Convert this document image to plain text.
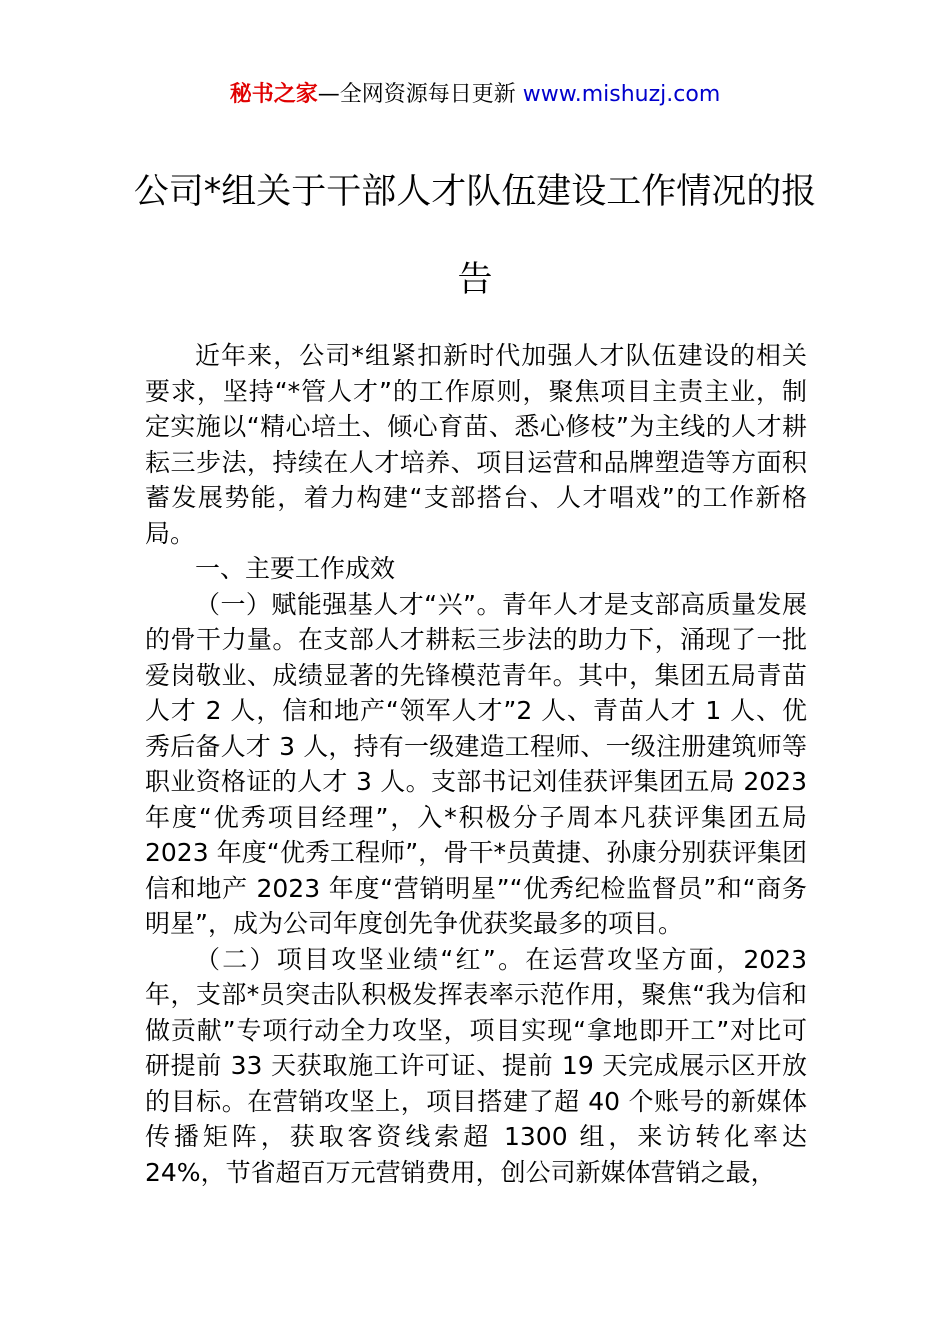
秘书之家—全网资源每日更新 www.mishuzj.com
公司*组关于干部人才队伍建设工作情况的报告

近年来，公司*组紧扣新时代加强人才队伍建设的相关要求，坚持“*管人才”的工作原则，聚焦项目主责主业，制定实施以“精心培土、倾心育苗、悉心修枝”为主线的人才耕耘三步法，持续在人才培养、项目运营和品牌塑造等方面积蓄发展势能，着力构建“支部搭台、人才唱戏”的工作新格局。

一、主要工作成效

（一）赋能强基人才“兴”。青年人才是支部高质量发展的骨干力量。在支部人才耕耘三步法的助力下，涌现了一批爱岗敬业、成绩显著的先锋模范青年。其中，集团五局青苗人才 2 人，信和地产“领军人才”2 人、青苗人才 1 人、优秀后备人才 3 人，持有一级建造工程师、一级注册建筑师等职业资格证的人才 3 人。支部书记刘佳获评集团五局 2023 年度“优秀项目经理”，入*积极分子周本凡获评集团五局 2023 年度“优秀工程师”，骨干*员黄捷、孙康分别获评集团信和地产 2023 年度“营销明星”“优秀纪检监督员”和“商务明星”，成为公司年度创先争优获奖最多的项目。

（二）项目攻坚业绩“红”。在运营攻坚方面，2023 年，支部*员突击队积极发挥表率示范作用，聚焦“我为信和做贡献”专项行动全力攻坚，项目实现“拿地即开工”对比可研提前 33 天获取施工许可证、提前 19 天完成展示区开放的目标。在营销攻坚上，项目搭建了超 40 个账号的新媒体传播矩阵，获取客资线索超 1300 组，来访转化率达 24%，节省超百万元营销费用，创公司新媒体营销之最，
